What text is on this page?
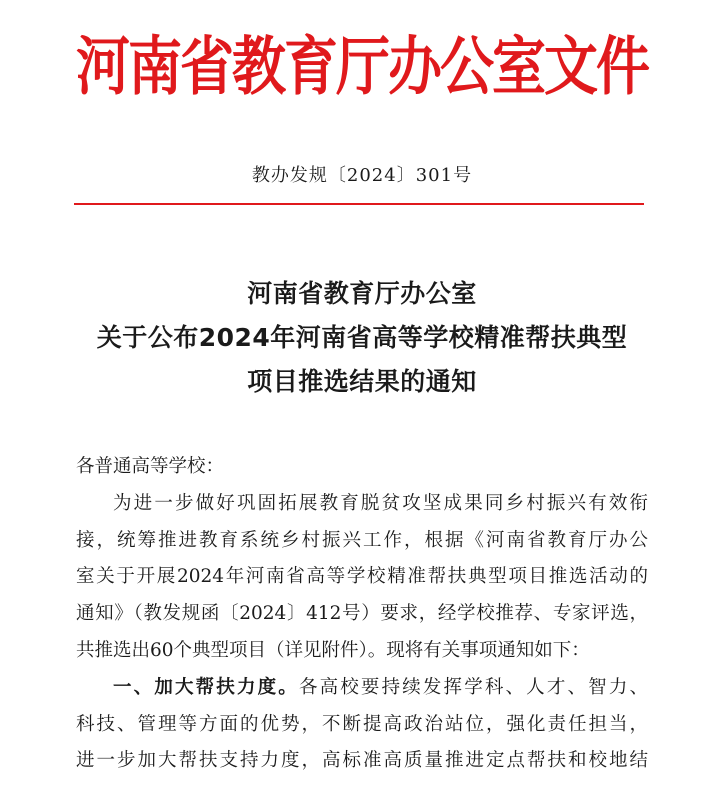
河南省教育厅办公室文件
教办发规〔2024〕301号
河南省教育厅办公室
关于公布2024年河南省高等学校精准帮扶典型
项目推选结果的通知
各普通高等学校：
为进一步做好巩固拓展教育脱贫攻坚成果同乡村振兴有效衔
接，统筹推进教育系统乡村振兴工作，根据《河南省教育厅办公
室关于开展2024年河南省高等学校精准帮扶典型项目推选活动的
通知》（教发规函〔2024〕412号）要求，经学校推荐、专家评选，
共推选出60个典型项目（详见附件）。现将有关事项通知如下：
一、加大帮扶力度。各高校要持续发挥学科、人才、智力、
科技、管理等方面的优势，不断提高政治站位，强化责任担当，
进一步加大帮扶支持力度，高标准高质量推进定点帮扶和校地结
